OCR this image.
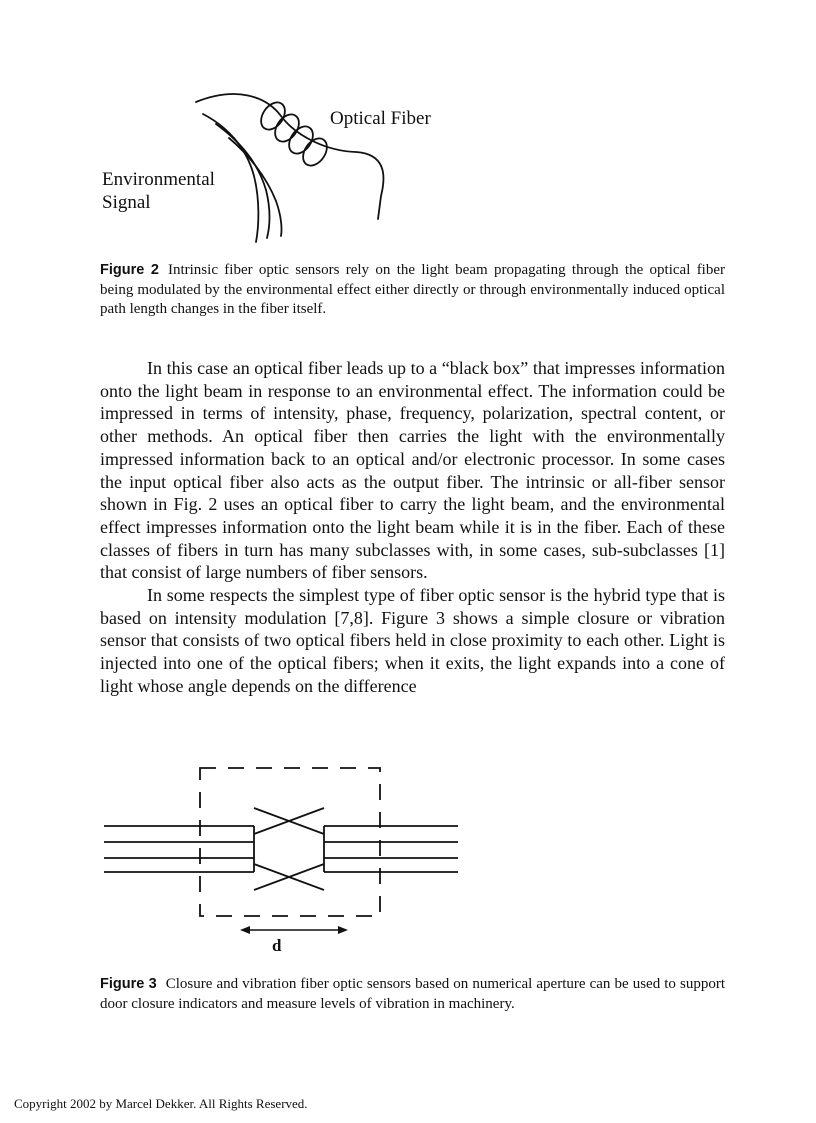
Optical Fiber
Environmental
Signal
Figure 2 Intrinsic fiber optic sensors rely on the light beam propagating through the optical fiber being modulated by the environmental effect either directly or through environmentally induced optical path length changes in the fiber itself.

In this case an optical fiber leads up to a “black box” that impresses information onto the light beam in response to an environmental effect. The information could be impressed in terms of intensity, phase, frequency, polarization, spectral content, or other methods. An optical fiber then carries the light with the environmentally impressed information back to an optical and/or electronic processor. In some cases the input optical fiber also acts as the output fiber. The intrinsic or all-fiber sensor shown in Fig. 2 uses an optical fiber to carry the light beam, and the environmental effect impresses information onto the light beam while it is in the fiber. Each of these classes of fibers in turn has many subclasses with, in some cases, sub-subclasses [1] that consist of large numbers of fiber sensors.

In some respects the simplest type of fiber optic sensor is the hybrid type that is based on intensity modulation [7,8]. Figure 3 shows a simple closure or vibration sensor that consists of two optical fibers held in close proximity to each other. Light is injected into one of the optical fibers; when it exits, the light expands into a cone of light whose angle depends on the difference

d
Figure 3 Closure and vibration fiber optic sensors based on numerical aperture can be used to support door closure indicators and measure levels of vibration in machinery.
Copyright 2002 by Marcel Dekker. All Rights Reserved.
